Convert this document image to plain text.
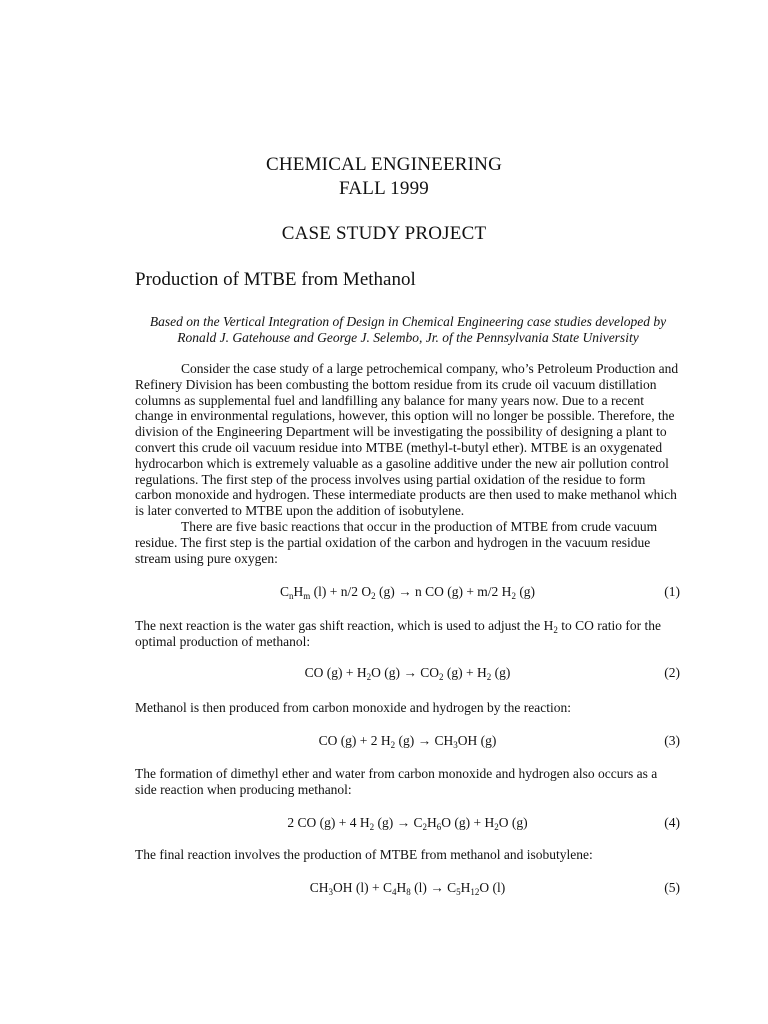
CHEMICAL ENGINEERING
FALL 1999
CASE STUDY PROJECT
Production of MTBE from Methanol
Based on the Vertical Integration of Design in Chemical Engineering case studies developed by
Ronald J. Gatehouse and George J. Selembo, Jr. of the Pennsylvania State University
Consider the case study of a large petrochemical company, who’s Petroleum Production and Refinery Division has been combusting the bottom residue from its crude oil vacuum distillation columns as supplemental fuel and landfilling any balance for many years now. Due to a recent change in environmental regulations, however, this option will no longer be possible. Therefore, the division of the Engineering Department will be investigating the possibility of designing a plant to convert this crude oil vacuum residue into MTBE (methyl-t-butyl ether). MTBE is an oxygenated hydrocarbon which is extremely valuable as a gasoline additive under the new air pollution control regulations. The first step of the process involves using partial oxidation of the residue to form carbon monoxide and hydrogen. These intermediate products are then used to make methanol which is later converted to MTBE upon the addition of isobutylene.
There are five basic reactions that occur in the production of MTBE from crude vacuum residue. The first step is the partial oxidation of the carbon and hydrogen in the vacuum residue stream using pure oxygen:
$C_nH_m$ (l) + n/2 $O_2$ (g) → n CO (g) + m/2 $H_2$ (g)	(1)
The next reaction is the water gas shift reaction, which is used to adjust the $H_2$ to CO ratio for the optimal production of methanol:
CO $(g) + H_2O$ $(g) \to CO_2$ $(g) + H_2$ (g)	(2)
Methanol is then produced from carbon monoxide and hydrogen by the reaction:
CO (g) + 2 $H_2$ $(g) \to CH_3OH$ (g)	(3)
The formation of dimethyl ether and water from carbon monoxide and hydrogen also occurs as a side reaction when producing methanol:
2 CO (g) + 4 $H_2$ $(g) \to C_2H_6O$ $(g) + H_2O$ (g)	(4)
The final reaction involves the production of MTBE from methanol and isobutylene:
$CH_3OH$ $(l) + C_4H_8$ $(l) \to C_5H_{12}O$ (l)	(5)
